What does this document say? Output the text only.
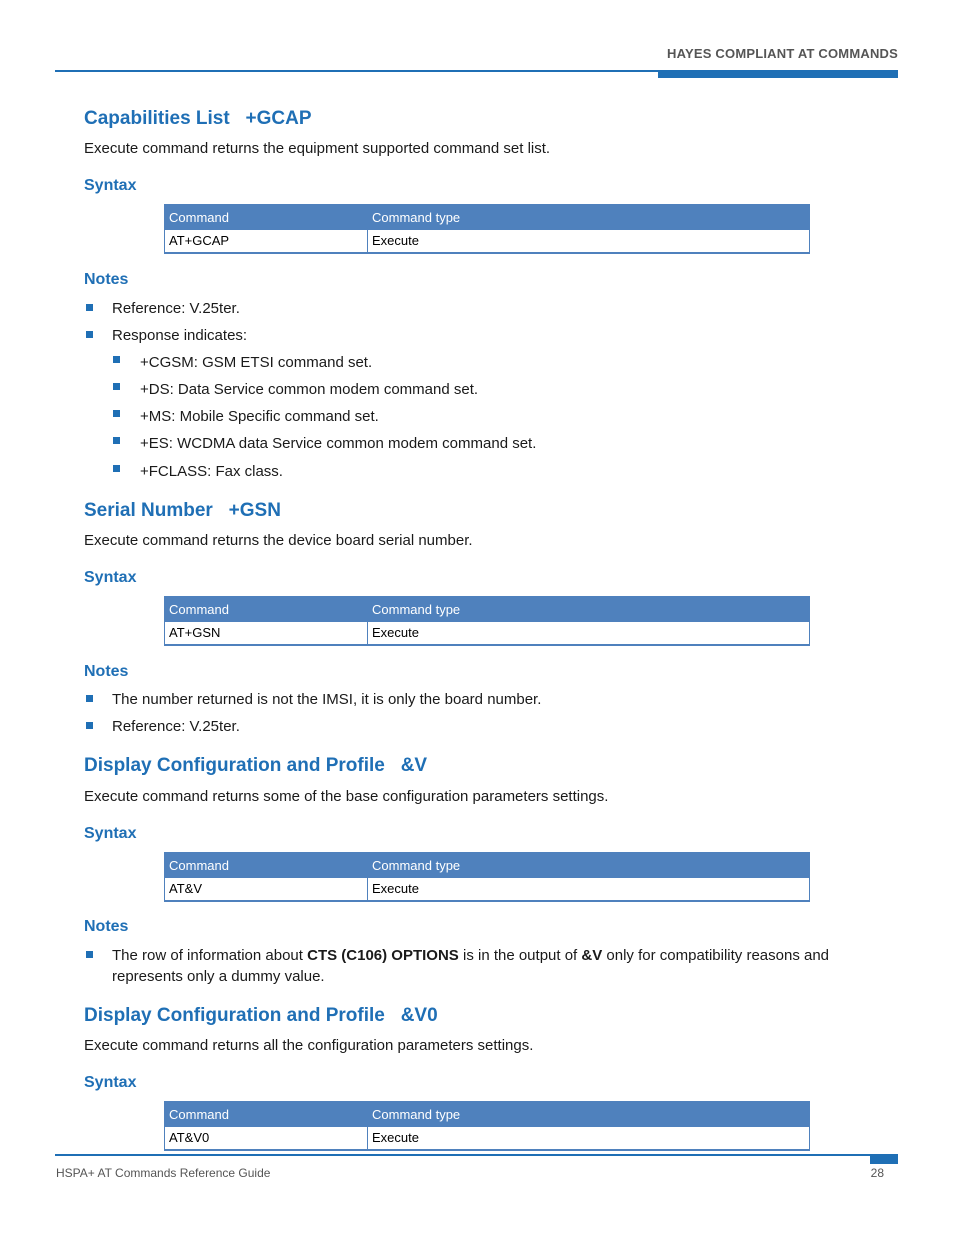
HAYES COMPLIANT AT COMMANDS
Capabilities List   +GCAP
Execute command returns the equipment supported command set list.
Syntax
Command	Command type
AT+GCAP	Execute
Notes
Reference: V.25ter.
Response indicates:
+CGSM: GSM ETSI command set.
+DS: Data Service common modem command set.
+MS: Mobile Specific command set.
+ES: WCDMA data Service common modem command set.
+FCLASS: Fax class.
Serial Number   +GSN
Execute command returns the device board serial number.
Syntax
Command	Command type
AT+GSN	Execute
Notes
The number returned is not the IMSI, it is only the board number.
Reference: V.25ter.
Display Configuration and Profile   &V
Execute command returns some of the base configuration parameters settings.
Syntax
Command	Command type
AT&V	Execute
Notes
The row of information about CTS (C106) OPTIONS is in the output of &V only for compatibility reasons and represents only a dummy value.
Display Configuration and Profile   &V0
Execute command returns all the configuration parameters settings.
Syntax
Command	Command type
AT&V0	Execute
HSPA+ AT Commands Reference Guide	28
